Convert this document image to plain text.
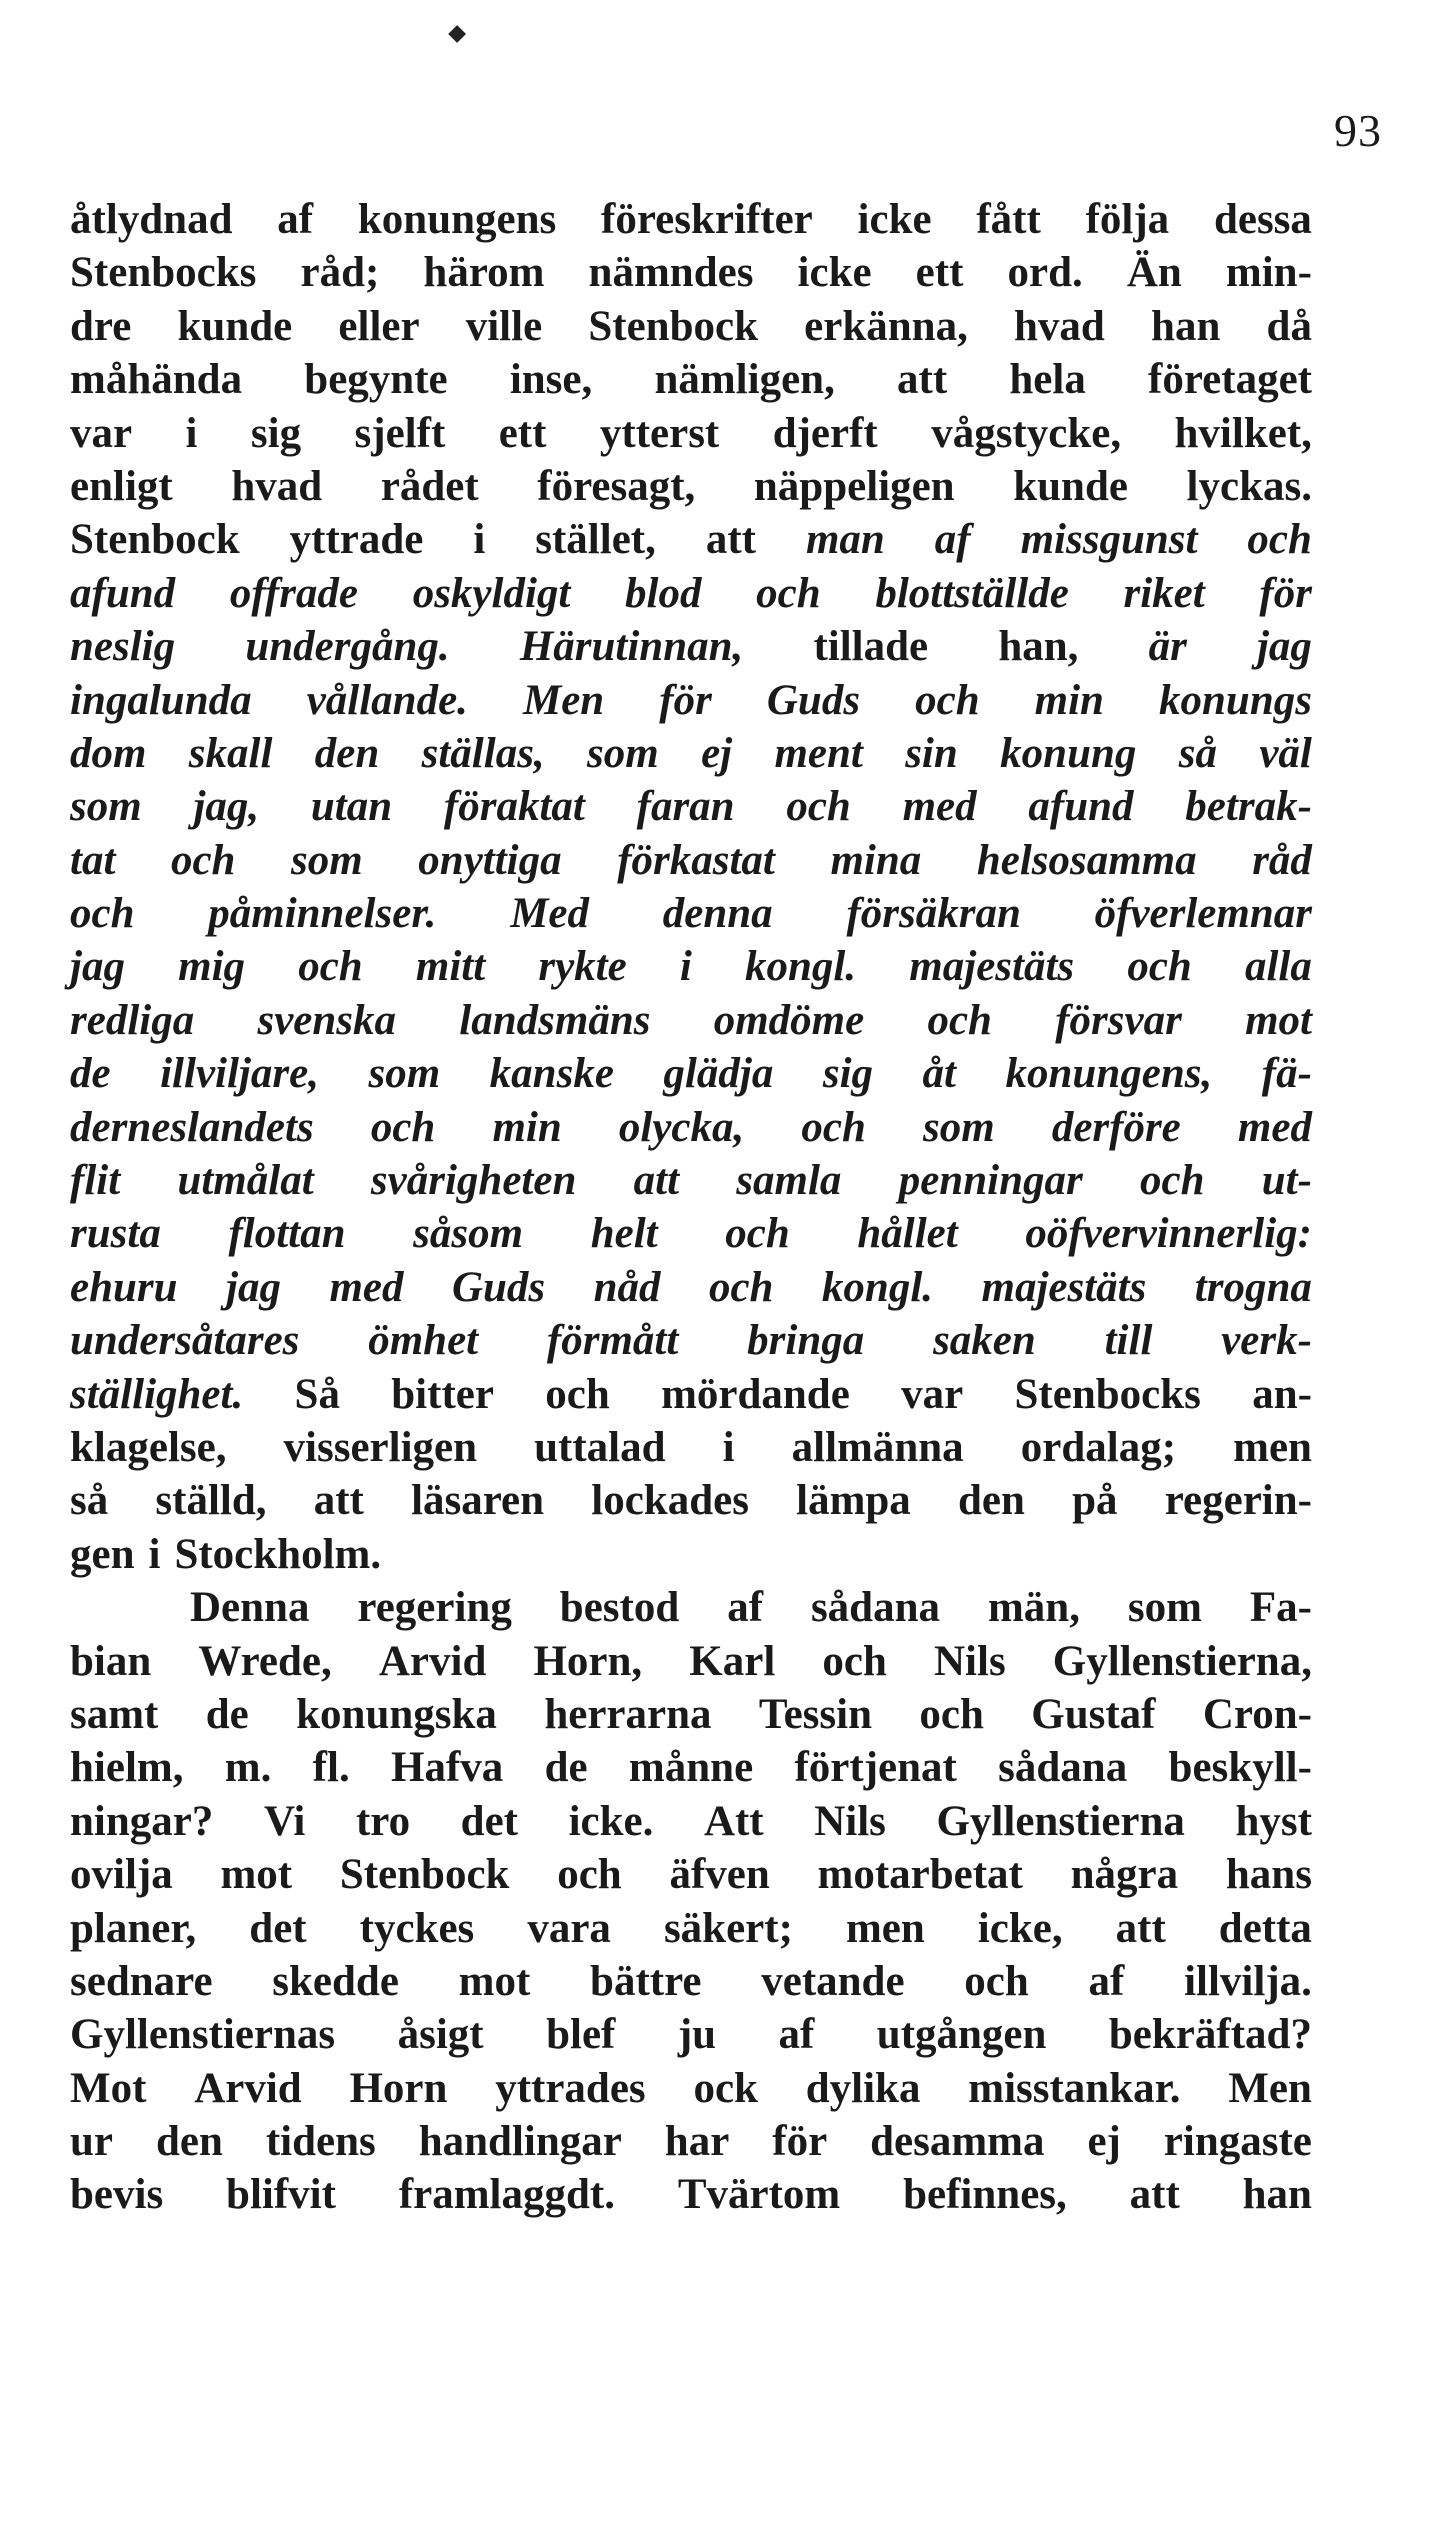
⬥
93
åtlydnad af konungens föreskrifter icke fått följa dessa
Stenbocks råd; härom nämndes icke ett ord. Än min-
dre kunde eller ville Stenbock erkänna, hvad han då
måhända begynte inse, nämligen, att hela företaget
var i sig sjelft ett ytterst djerft vågstycke, hvilket,
enligt hvad rådet föresagt, näppeligen kunde lyckas.
Stenbock yttrade i stället, att man af missgunst och
afund offrade oskyldigt blod och blottställde riket för
neslig undergång. Härutinnan, tillade han, är jag
ingalunda vållande. Men för Guds och min konungs
dom skall den ställas, som ej ment sin konung så väl
som jag, utan föraktat faran och med afund betrak-
tat och som onyttiga förkastat mina helsosamma råd
och påminnelser. Med denna försäkran öfverlemnar
jag mig och mitt rykte i kongl. majestäts och alla
redliga svenska landsmäns omdöme och försvar mot
de illviljare, som kanske glädja sig åt konungens, fä-
derneslandets och min olycka, och som derföre med
flit utmålat svårigheten att samla penningar och ut-
rusta flottan såsom helt och hållet oöfvervinnerlig:
ehuru jag med Guds nåd och kongl. majestäts trogna
undersåtares ömhet förmått bringa saken till verk-
ställighet. Så bitter och mördande var Stenbocks an-
klagelse, visserligen uttalad i allmänna ordalag; men
så ställd, att läsaren lockades lämpa den på regerin-
gen i Stockholm.
Denna regering bestod af sådana män, som Fa-
bian Wrede, Arvid Horn, Karl och Nils Gyllenstierna,
samt de konungska herrarna Tessin och Gustaf Cron-
hielm, m. fl. Hafva de månne förtjenat sådana beskyll-
ningar? Vi tro det icke. Att Nils Gyllenstierna hyst
ovilja mot Stenbock och äfven motarbetat några hans
planer, det tyckes vara säkert; men icke, att detta
sednare skedde mot bättre vetande och af illvilja.
Gyllenstiernas åsigt blef ju af utgången bekräftad?
Mot Arvid Horn yttrades ock dylika misstankar. Men
ur den tidens handlingar har för desamma ej ringaste
bevis blifvit framlaggdt. Tvärtom befinnes, att han
